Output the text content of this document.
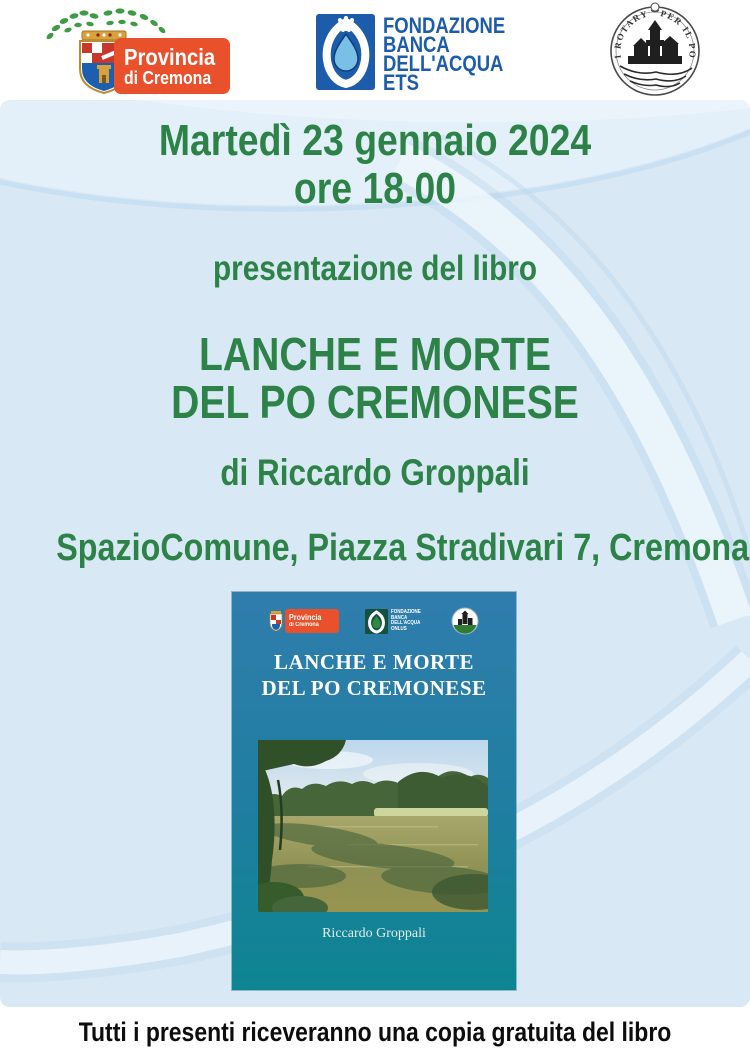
Provincia
di Cremona
FONDAZIONE
BANCA
DELL'ACQUA
ETS
I ROTARY PER IL PO
Martedì 23 gennaio 2024
ore 18.00
presentazione del libro
LANCHE E MORTE
DEL PO CREMONESE
di Riccardo Groppali
SpazioComune, Piazza Stradivari 7, Cremona
Provincia
di Cremona
FONDAZIONE
BANCA
DELL'ACQUA
ONLUS
LANCHE E MORTE
DEL PO CREMONESE
Riccardo Groppali
Tutti i presenti riceveranno una copia gratuita del libro
